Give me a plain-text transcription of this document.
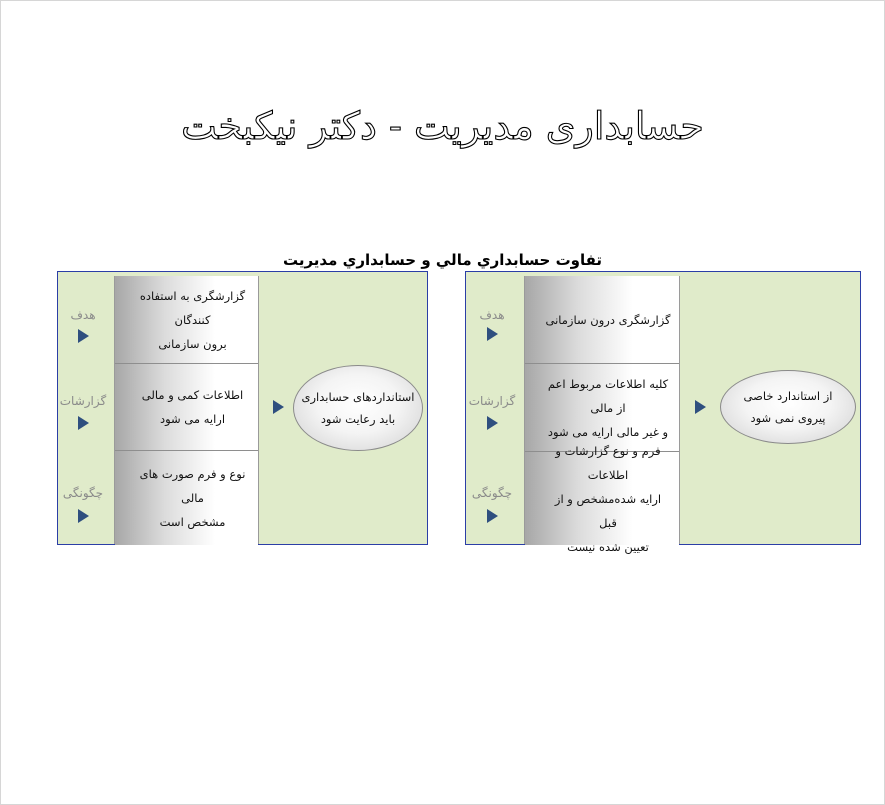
حسابداری مدیریت - دکتر نیکبخت
تفاوت حسابداري مالي و حسابداري مديريت
هدف
گزارشات
چگونگی
گزارشگری به استفاده کنندگان
برون سازمانی
اطلاعات کمی و مالی
ارایه می شود
نوع و فرم صورت های مالی
مشخص است
استانداردهای حسابداری
باید رعایت شود
هدف
گزارشات
چگونگی
گزارشگری درون سازمانی
کلیه اطلاعات مربوط اعم از مالی
و غیر مالی ارایه می شود
فرم و نوع گزارشات و اطلاعات
ارایه شده‌مشخص و از قبل
تعیین شده نیست
از استاندارد خاصی
پیروی نمی شود
